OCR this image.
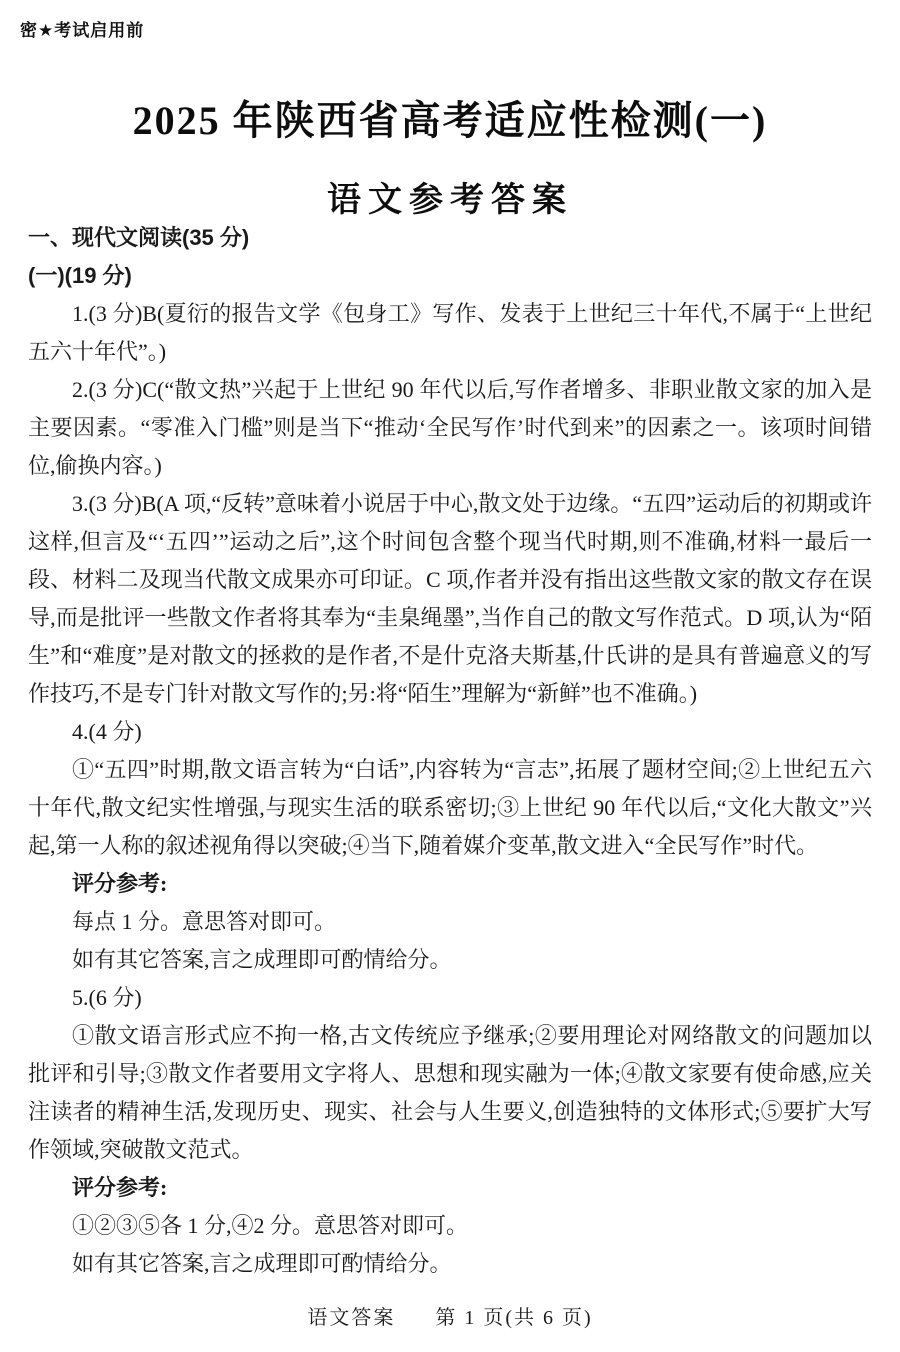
密★考试启用前
2025 年陕西省高考适应性检测(一)
语文参考答案

一、现代文阅读(35 分)

(一)(19 分)

1.(3 分)B(夏衍的报告文学《包身工》写作、发表于上世纪三十年代,不属于“上世纪五六十年代”。)

2.(3 分)C(“散文热”兴起于上世纪 90 年代以后,写作者增多、非职业散文家的加入是主要因素。“零准入门槛”则是当下“推动‘全民写作’时代到来”的因素之一。该项时间错位,偷换内容。)

3.(3 分)B(A 项,“反转”意味着小说居于中心,散文处于边缘。“五四”运动后的初期或许这样,但言及“‘五四’”运动之后”,这个时间包含整个现当代时期,则不准确,材料一最后一段、材料二及现当代散文成果亦可印证。C 项,作者并没有指出这些散文家的散文存在误导,而是批评一些散文作者将其奉为“圭臬绳墨”,当作自己的散文写作范式。D 项,认为“陌生”和“难度”是对散文的拯救的是作者,不是什克洛夫斯基,什氏讲的是具有普遍意义的写作技巧,不是专门针对散文写作的;另:将“陌生”理解为“新鲜”也不准确。)

4.(4 分)

①“五四”时期,散文语言转为“白话”,内容转为“言志”,拓展了题材空间;②上世纪五六十年代,散文纪实性增强,与现实生活的联系密切;③上世纪 90 年代以后,“文化大散文”兴起,第一人称的叙述视角得以突破;④当下,随着媒介变革,散文进入“全民写作”时代。

评分参考:

每点 1 分。意思答对即可。

如有其它答案,言之成理即可酌情给分。

5.(6 分)

①散文语言形式应不拘一格,古文传统应予继承;②要用理论对网络散文的问题加以批评和引导;③散文作者要用文字将人、思想和现实融为一体;④散文家要有使命感,应关注读者的精神生活,发现历史、现实、社会与人生要义,创造独特的文体形式;⑤要扩大写作领域,突破散文范式。

评分参考:

①②③⑤各 1 分,④2 分。意思答对即可。

如有其它答案,言之成理即可酌情给分。

语文答案 第 1 页(共 6 页)
